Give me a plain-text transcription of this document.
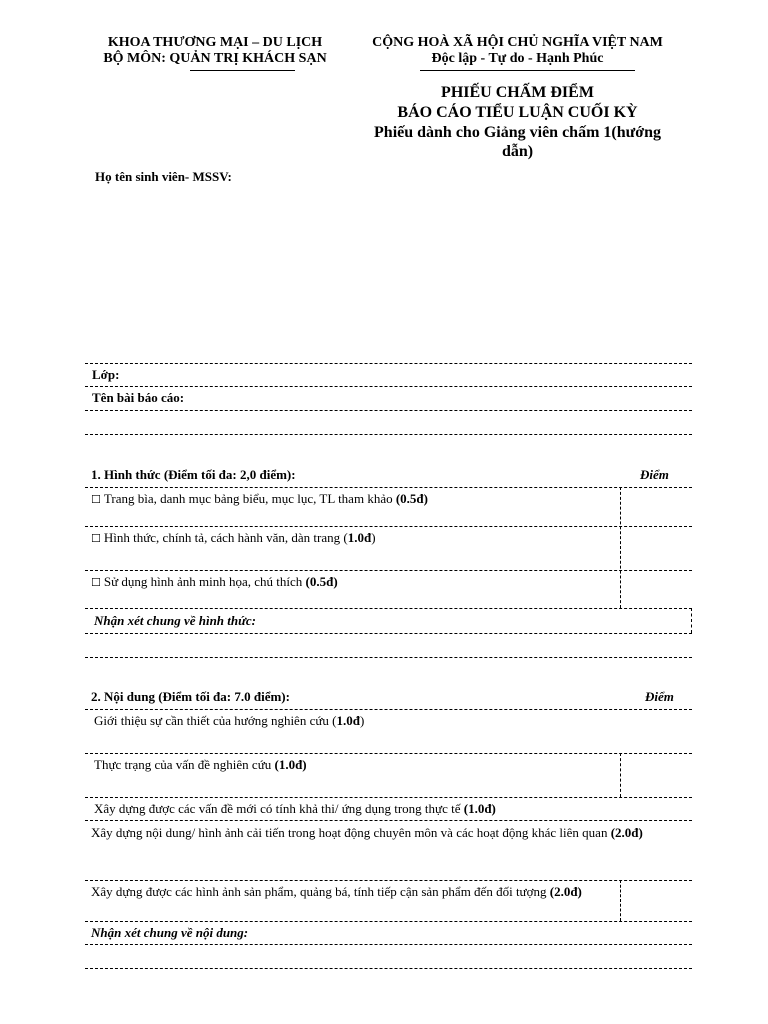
KHOA THƯƠNG MẠI – DU LỊCH
BỘ MÔN: QUẢN TRỊ KHÁCH SẠN
CỘNG HOÀ XÃ HỘI CHỦ NGHĨA VIỆT NAM
Độc lập - Tự do - Hạnh Phúc
PHIẾU CHẤM ĐIỂM
BÁO CÁO TIỂU LUẬN CUỐI KỲ
Phiếu dành cho Giảng viên chấm 1(hướng
dẫn)
Họ tên sinh viên- MSSV:
Lớp:
Tên bài báo cáo:
1. Hình thức (Điểm tối đa: 2,0 điểm):	Điểm
☐ Trang bìa, danh mục bảng biểu, mục lục, TL tham khảo (0.5đ)
☐ Hình thức, chính tả, cách hành văn, dàn trang (1.0đ)
☐ Sử dụng hình ảnh minh họa, chú thích (0.5đ)
Nhận xét chung về hình thức:
2. Nội dung (Điểm tối đa: 7.0 điểm):	Điểm
Giới thiệu sự cần thiết của hướng nghiên cứu (1.0đ)
Thực trạng của vấn đề nghiên cứu (1.0đ)
Xây dựng được các vấn đề mới có tính khả thi/ ứng dụng trong thực tế (1.0đ)
Xây dựng nội dung/ hình ảnh cải tiến trong hoạt động chuyên môn và các hoạt động khác liên quan (2.0đ)
Xây dựng được các hình ảnh sản phẩm, quảng bá, tính tiếp cận sản phẩm đến đối tượng (2.0đ)
Nhận xét chung về nội dung:
